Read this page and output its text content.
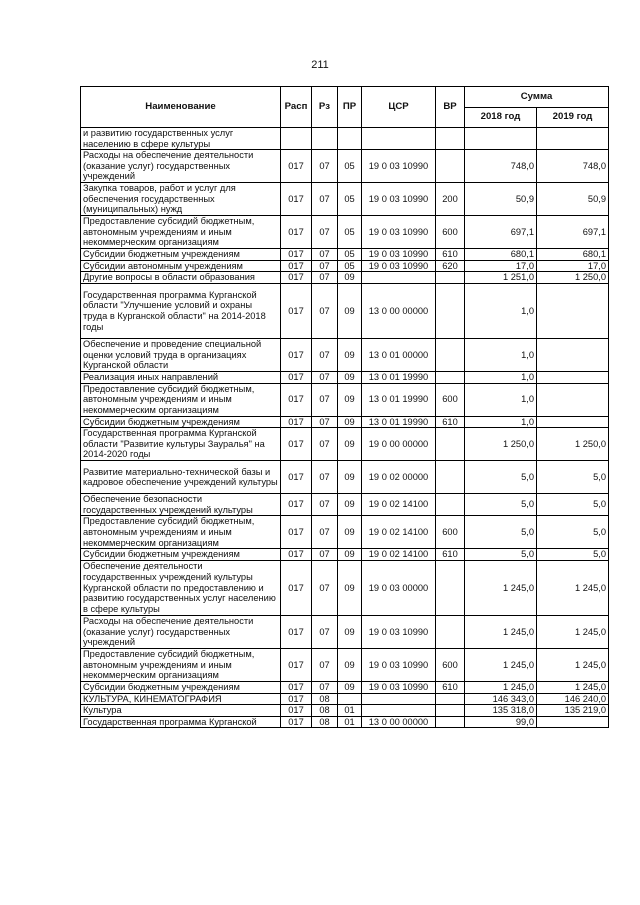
211
Наименование	Расп	Рз	ПР	ЦСР	ВР	Сумма	
						2018 год	2019 год
и развитию государственных услуг населению в сфере культуры							
Расходы на обеспечение деятельности (оказание услуг) государственных учреждений	017	07	05	19 0 03 10990		748,0	748,0
Закупка товаров, работ и услуг для обеспечения государственных (муниципальных) нужд	017	07	05	19 0 03 10990	200	50,9	50,9
Предоставление субсидий бюджетным, автономным учреждениям и иным некоммерческим организациям	017	07	05	19 0 03 10990	600	697,1	697,1
Субсидии бюджетным учреждениям	017	07	05	19 0 03 10990	610	680,1	680,1
Субсидии автономным учреждениям	017	07	05	19 0 03 10990	620	17,0	17,0
Другие вопросы в области образования	017	07	09			1 251,0	1 250,0
Государственная программа Курганской области "Улучшение условий и охраны труда в Курганской области" на 2014-2018 годы	017	07	09	13 0 00 00000		1,0	
Обеспечение и проведение специальной оценки условий труда в организациях Курганской области	017	07	09	13 0 01 00000		1,0	
Реализация иных направлений	017	07	09	13 0 01 19990		1,0	
Предоставление субсидий бюджетным, автономным учреждениям и иным некоммерческим организациям	017	07	09	13 0 01 19990	600	1,0	
Субсидии бюджетным учреждениям	017	07	09	13 0 01 19990	610	1,0	
Государственная программа Курганской области "Развитие культуры Зауралья" на 2014-2020 годы	017	07	09	19 0 00 00000		1 250,0	1 250,0
Развитие материально-технической базы и кадровое обеспечение учреждений культуры	017	07	09	19 0 02 00000		5,0	5,0
Обеспечение безопасности государственных учреждений культуры	017	07	09	19 0 02 14100		5,0	5,0
Предоставление субсидий бюджетным, автономным учреждениям и иным некоммерческим организациям	017	07	09	19 0 02 14100	600	5,0	5,0
Субсидии бюджетным учреждениям	017	07	09	19 0 02 14100	610	5,0	5,0
Обеспечение деятельности государственных учреждений культуры Курганской области по предоставлению и развитию государственных услуг населению в сфере культуры	017	07	09	19 0 03 00000		1 245,0	1 245,0
Расходы на обеспечение деятельности (оказание услуг) государственных учреждений	017	07	09	19 0 03 10990		1 245,0	1 245,0
Предоставление субсидий бюджетным, автономным учреждениям и иным некоммерческим организациям	017	07	09	19 0 03 10990	600	1 245,0	1 245,0
Субсидии бюджетным учреждениям	017	07	09	19 0 03 10990	610	1 245,0	1 245,0
КУЛЬТУРА, КИНЕМАТОГРАФИЯ	017	08				146 343,0	146 240,0
Культура	017	08	01			135 318,0	135 219,0
Государственная программа Курганской	017	08	01	13 0 00 00000		99,0	
